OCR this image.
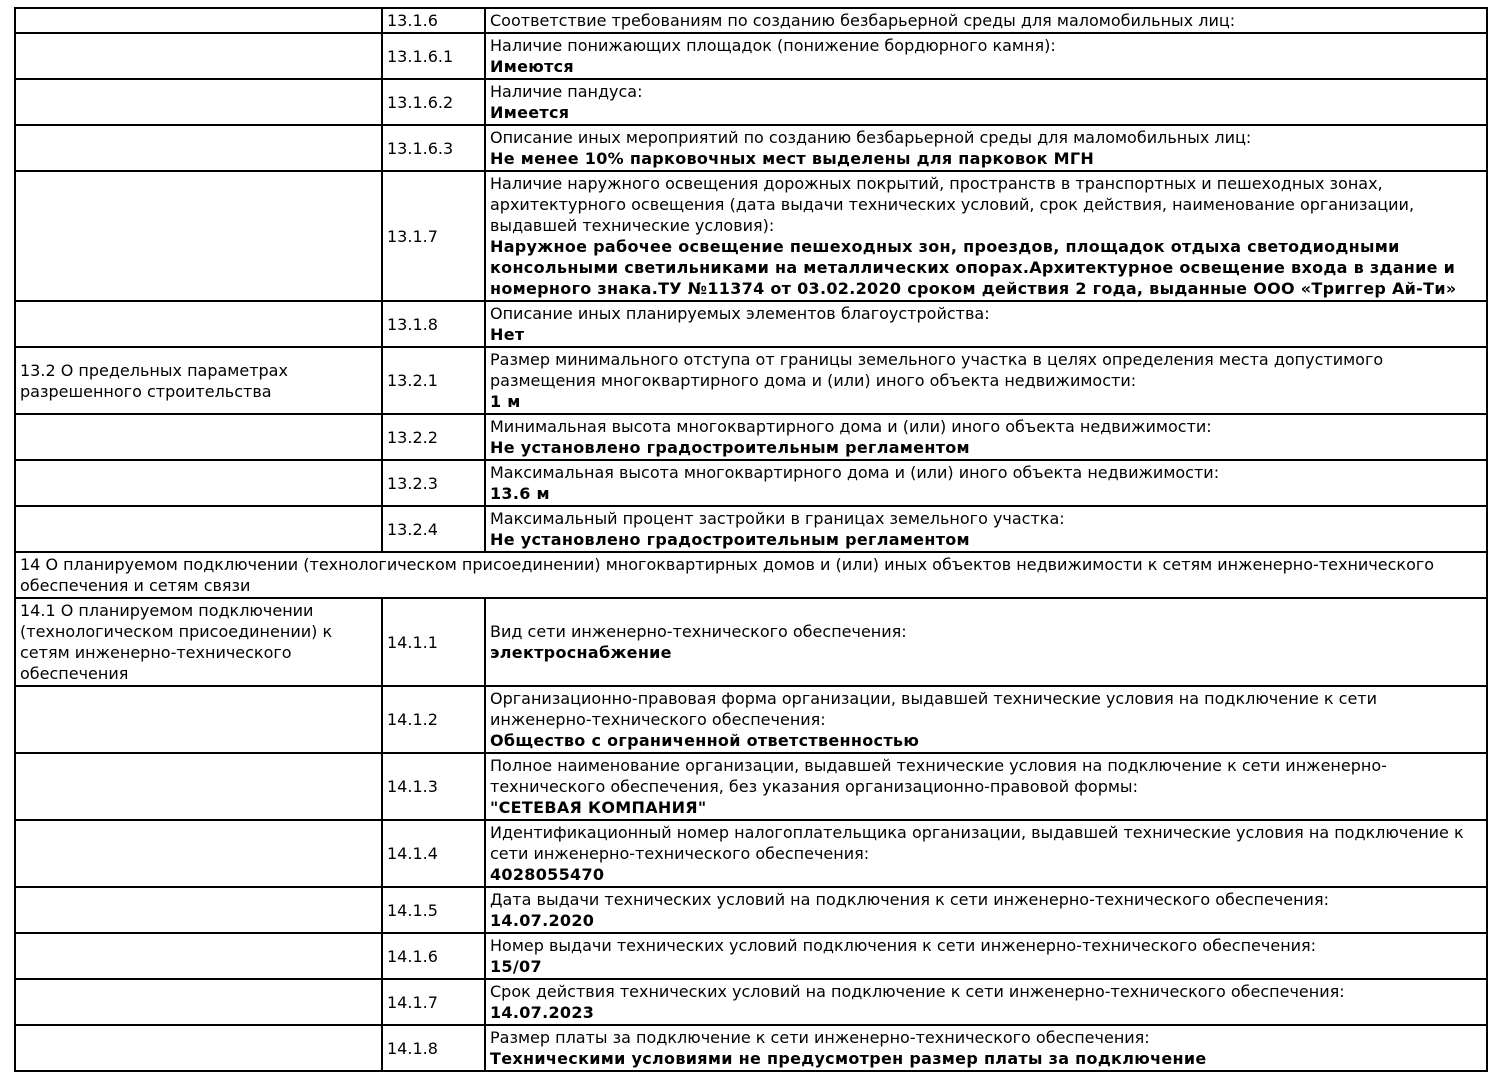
	13.1.6	Соответствие требованиям по созданию безбарьерной среды для маломобильных лиц:

	13.1.6.1	Наличие понижающих площадок (понижение бордюрного камня):
Имеются

	13.1.6.2	Наличие пандуса:
Имеется

	13.1.6.3	Описание иных мероприятий по созданию безбарьерной среды для маломобильных лиц:
Не менее 10% парковочных мест выделены для парковок МГН

	13.1.7	Наличие наружного освещения дорожных покрытий, пространств в транспортных и пешеходных зонах, архитектурного освещения (дата выдачи технических условий, срок действия, наименование организации, выдавшей технические условия):
Наружное рабочее освещение пешеходных зон, проездов, площадок отдыха светодиодными консольными светильниками на металлических опорах.Архитектурное освещение входа в здание и номерного знака.ТУ №11374 от 03.02.2020 сроком действия 2 года, выданные ООО «Триггер Ай-Ти»

	13.1.8	Описание иных планируемых элементов благоустройства:
Нет

13.2 О предельных параметрах разрешенного строительства	13.2.1	Размер минимального отступа от границы земельного участка в целях определения места допустимого размещения многоквартирного дома и (или) иного объекта недвижимости:
1 м

	13.2.2	Минимальная высота многоквартирного дома и (или) иного объекта недвижимости:
Не установлено градостроительным регламентом

	13.2.3	Максимальная высота многоквартирного дома и (или) иного объекта недвижимости:
13.6 м

	13.2.4	Максимальный процент застройки в границах земельного участка:
Не установлено градостроительным регламентом

14 О планируемом подключении (технологическом присоединении) многоквартирных домов и (или) иных объектов недвижимости к сетям инженерно-технического обеспечения и сетям связи		
14.1 О планируемом подключении (технологическом присоединении) к сетям инженерно-технического обеспечения	14.1.1	Вид сети инженерно-технического обеспечения:
электроснабжение

	14.1.2	Организационно-правовая форма организации, выдавшей технические условия на подключение к сети инженерно-технического обеспечения:
Общество с ограниченной ответственностью

	14.1.3	Полное наименование организации, выдавшей технические условия на подключение к сети инженерно-технического обеспечения, без указания организационно-правовой формы:
"СЕТЕВАЯ КОМПАНИЯ"

	14.1.4	Идентификационный номер налогоплательщика организации, выдавшей технические условия на подключение к сети инженерно-технического обеспечения:
4028055470

	14.1.5	Дата выдачи технических условий на подключения к сети инженерно-технического обеспечения:
14.07.2020

	14.1.6	Номер выдачи технических условий подключения к сети инженерно-технического обеспечения:
15/07

	14.1.7	Срок действия технических условий на подключение к сети инженерно-технического обеспечения:
14.07.2023

	14.1.8	Размер платы за подключение к сети инженерно-технического обеспечения:
Техническими условиями не предусмотрен размер платы за подключение
